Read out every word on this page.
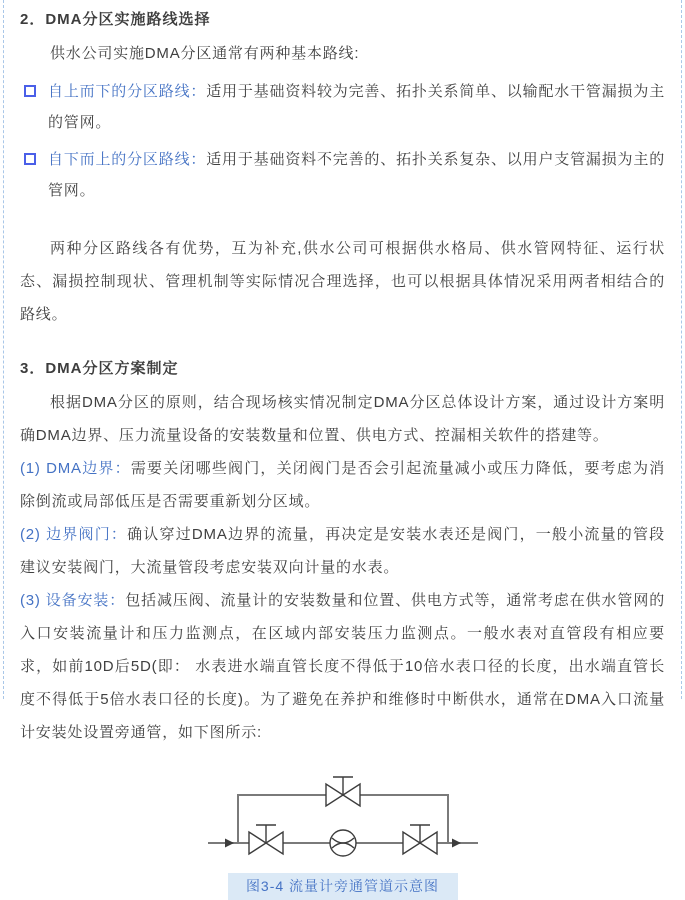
2．DMA分区实施路线选择

供水公司实施DMA分区通常有两种基本路线:

自上而下的分区路线：适用于基础资料较为完善、拓扑关系简单、以输配水干管漏损为主的管网。

自下而上的分区路线：适用于基础资料不完善的、拓扑关系复杂、以用户支管漏损为主的管网。

两种分区路线各有优势，互为补充,供水公司可根据供水格局、供水管网特征、运行状态、漏损控制现状、管理机制等实际情况合理选择，也可以根据具体情况采用两者相结合的路线。

3．DMA分区方案制定

根据DMA分区的原则，结合现场核实情况制定DMA分区总体设计方案，通过设计方案明确DMA边界、压力流量设备的安装数量和位置、供电方式、控漏相关软件的搭建等。

(1) DMA边界：需要关闭哪些阀门，关闭阀门是否会引起流量减小或压力降低，要考虑为消除倒流或局部低压是否需要重新划分区域。

(2) 边界阀门：确认穿过DMA边界的流量，再决定是安装水表还是阀门，一般小流量的管段建议安装阀门，大流量管段考虑安装双向计量的水表。

(3) 设备安装：包括减压阀、流量计的安装数量和位置、供电方式等，通常考虑在供水管网的入口安装流量计和压力监测点，在区域内部安装压力监测点。一般水表对直管段有相应要求，如前10D后5D(即： 水表进水端直管长度不得低于10倍水表口径的长度，出水端直管长度不得低于5倍水表口径的长度)。为了避免在养护和维修时中断供水，通常在DMA入口流量计安装处设置旁通管，如下图所示:

图3-4 流量计旁通管道示意图
